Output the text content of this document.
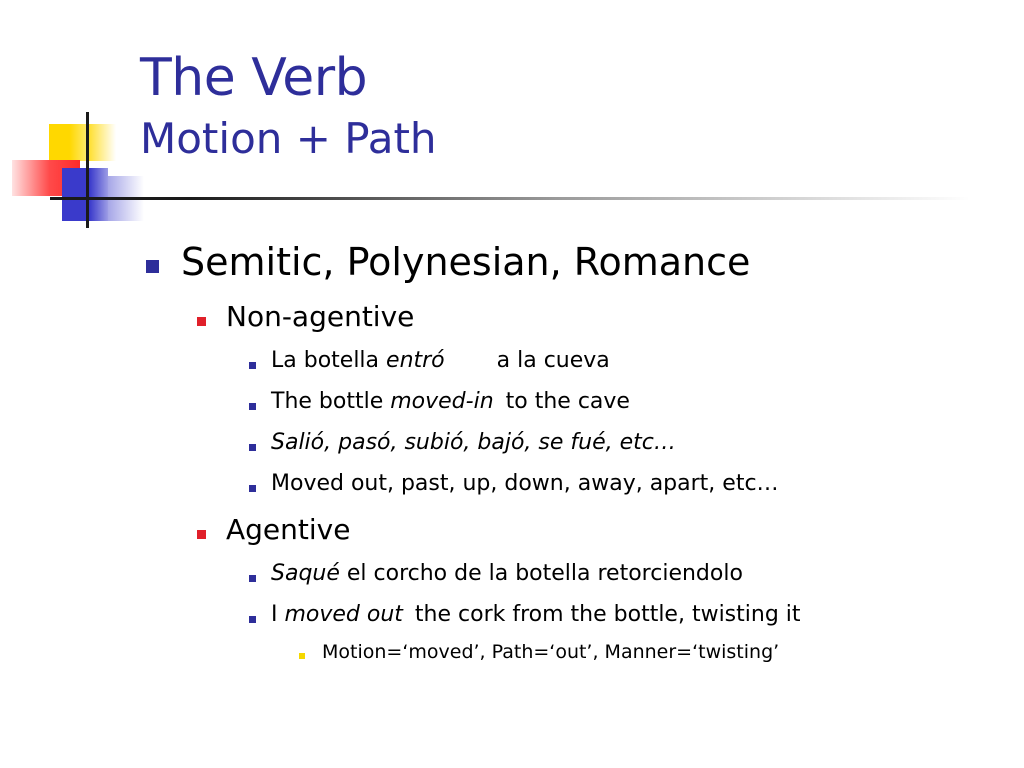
The Verb
Motion + Path
Semitic, Polynesian, Romance
Non-agentive
La botella entró a la cueva
The bottle moved-in to the cave
Salió, pasó, subió, bajó, se fué, etc…
Moved out, past, up, down, away, apart, etc…
Agentive
Saqué el corcho de la botella retorciendolo
I moved out the cork from the bottle, twisting it
Motion=‘moved’, Path=‘out’, Manner=‘twisting’
